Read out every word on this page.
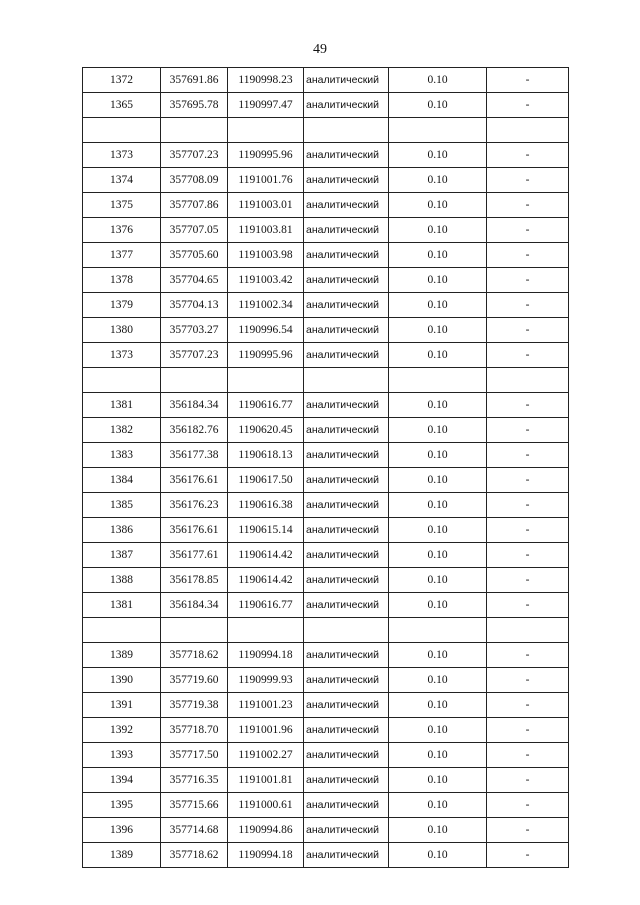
49
1372	357691.86	1190998.23	аналитический	0.10	-
1365	357695.78	1190997.47	аналитический	0.10	-

1373	357707.23	1190995.96	аналитический	0.10	-
1374	357708.09	1191001.76	аналитический	0.10	-
1375	357707.86	1191003.01	аналитический	0.10	-
1376	357707.05	1191003.81	аналитический	0.10	-
1377	357705.60	1191003.98	аналитический	0.10	-
1378	357704.65	1191003.42	аналитический	0.10	-
1379	357704.13	1191002.34	аналитический	0.10	-
1380	357703.27	1190996.54	аналитический	0.10	-
1373	357707.23	1190995.96	аналитический	0.10	-

1381	356184.34	1190616.77	аналитический	0.10	-
1382	356182.76	1190620.45	аналитический	0.10	-
1383	356177.38	1190618.13	аналитический	0.10	-
1384	356176.61	1190617.50	аналитический	0.10	-
1385	356176.23	1190616.38	аналитический	0.10	-
1386	356176.61	1190615.14	аналитический	0.10	-
1387	356177.61	1190614.42	аналитический	0.10	-
1388	356178.85	1190614.42	аналитический	0.10	-
1381	356184.34	1190616.77	аналитический	0.10	-

1389	357718.62	1190994.18	аналитический	0.10	-
1390	357719.60	1190999.93	аналитический	0.10	-
1391	357719.38	1191001.23	аналитический	0.10	-
1392	357718.70	1191001.96	аналитический	0.10	-
1393	357717.50	1191002.27	аналитический	0.10	-
1394	357716.35	1191001.81	аналитический	0.10	-
1395	357715.66	1191000.61	аналитический	0.10	-
1396	357714.68	1190994.86	аналитический	0.10	-
1389	357718.62	1190994.18	аналитический	0.10	-
